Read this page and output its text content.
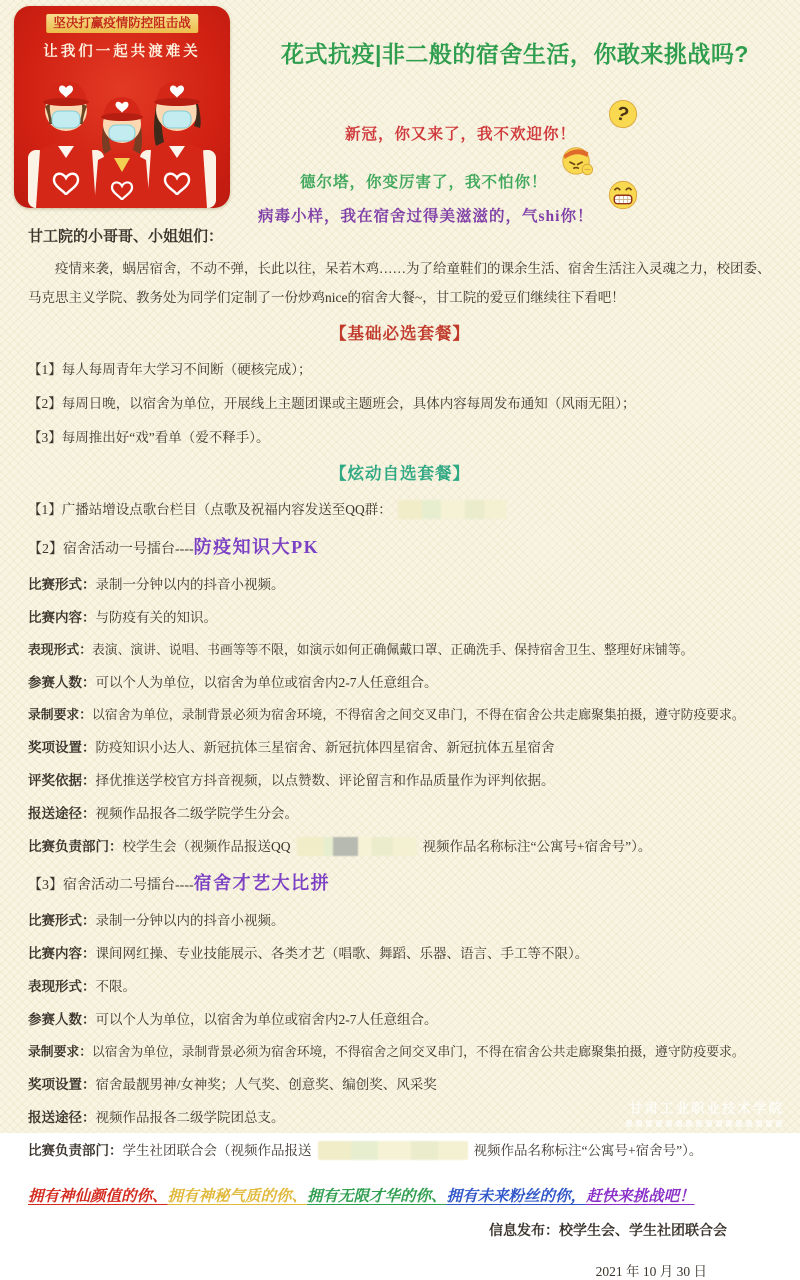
坚决打赢疫情防控阻击战
让我们一起共渡难关	花式抗疫|非二般的宿舍生活，你敢来挑战吗?
新冠，你又来了，我不欢迎你！
?
德尔塔，你变厉害了，我不怕你！
病毒小样，我在宿舍过得美滋滋的，气shi你！

甘工院的小哥哥、小姐姐们：

疫情来袭，蜗居宿舍，不动不弹，长此以往，呆若木鸡……为了给童鞋们的课余生活、宿舍生活注入灵魂之力，校团委、马克思主义学院、教务处为同学们定制了一份炒鸡nice的宿舍大餐~，甘工院的爱豆们继续往下看吧！

【基础必选套餐】

【1】每人每周青年大学习不间断（硬核完成）；

【2】每周日晚，以宿舍为单位，开展线上主题团课或主题班会，具体内容每周发布通知（风雨无阻）；

【3】每周推出好“戏”看单（爱不释手）。

【炫动自选套餐】

【1】广播站增设点歌台栏目（点歌及祝福内容发送至QQ群：

【2】宿舍活动一号擂台----防疫知识大PK

比赛形式：录制一分钟以内的抖音小视频。

比赛内容：与防疫有关的知识。

表现形式：表演、演讲、说唱、书画等等不限，如演示如何正确佩戴口罩、正确洗手、保持宿舍卫生、整理好床铺等。

参赛人数：可以个人为单位，以宿舍为单位或宿舍内2-7人任意组合。

录制要求：以宿舍为单位，录制背景必须为宿舍环境，不得宿舍之间交叉串门，不得在宿舍公共走廊聚集拍摄，遵守防疫要求。

奖项设置：防疫知识小达人、新冠抗体三星宿舍、新冠抗体四星宿舍、新冠抗体五星宿舍

评奖依据：择优推送学校官方抖音视频，以点赞数、评论留言和作品质量作为评判依据。

报送途径：视频作品报各二级学院学生分会。

比赛负责部门：校学生会（视频作品报送QQ	视频作品名称标注“公寓号+宿舍号”）。

【3】宿舍活动二号擂台----宿舍才艺大比拼

比赛形式：录制一分钟以内的抖音小视频。

比赛内容：课间网红操、专业技能展示、各类才艺（唱歌、舞蹈、乐器、语言、手工等不限）。

表现形式：不限。

参赛人数：可以个人为单位，以宿舍为单位或宿舍内2-7人任意组合。

录制要求：以宿舍为单位，录制背景必须为宿舍环境，不得宿舍之间交叉串门，不得在宿舍公共走廊聚集拍摄，遵守防疫要求。

奖项设置：宿舍最靓男神/女神奖；人气奖、创意奖、编创奖、风采奖

报送途径：视频作品报各二级学院团总支。

比赛负责部门：学生社团联合会（视频作品报送	视频作品名称标注“公寓号+宿舍号”）。

拥有神仙颜值的你、拥有神秘气质的你、拥有无限才华的你、拥有未来粉丝的你，赶快来挑战吧！

信息发布：校学生会、学生社团联合会

2021 年 10 月 30 日

甘肃工业职业技术学院
